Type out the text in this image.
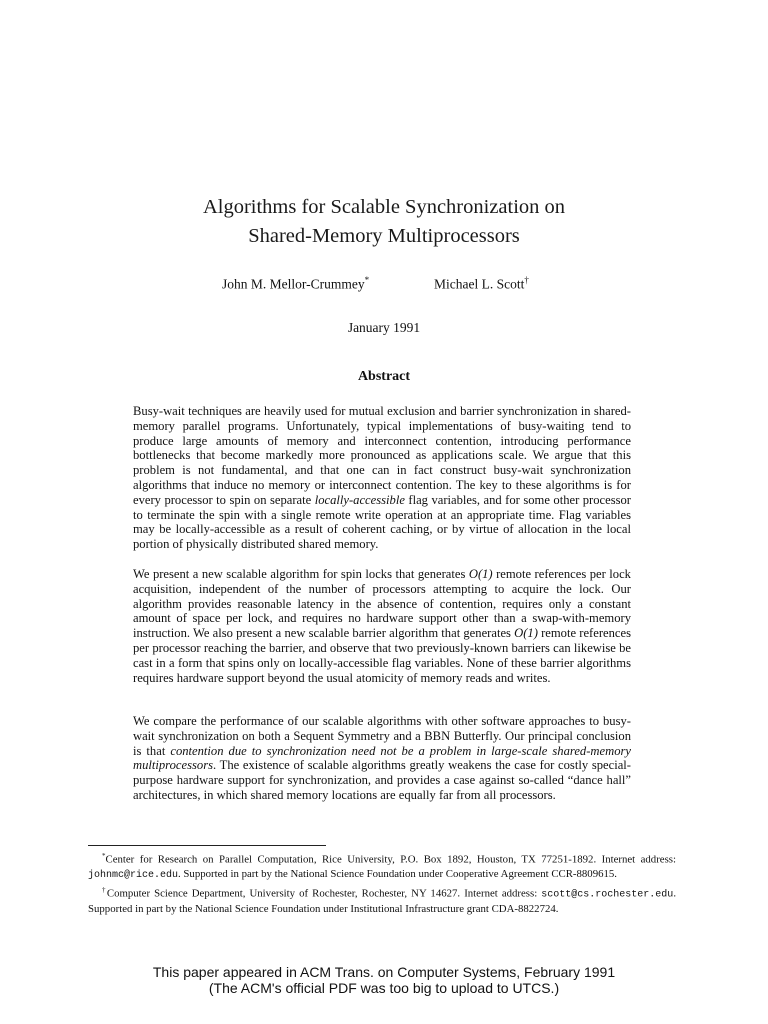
Algorithms for Scalable Synchronization on
Shared-Memory Multiprocessors
John M. Mellor-Crummey*	Michael L. Scott†
January 1991
Abstract

Busy-wait techniques are heavily used for mutual exclusion and barrier synchronization in shared-memory parallel programs. Unfortunately, typical implementations of busy-waiting tend to produce large amounts of memory and interconnect contention, introducing performance bottlenecks that become markedly more pronounced as applications scale. We argue that this problem is not fundamental, and that one can in fact construct busy-wait synchronization algorithms that induce no memory or interconnect contention. The key to these algorithms is for every processor to spin on separate locally-accessible flag variables, and for some other processor to terminate the spin with a single remote write operation at an appropriate time. Flag variables may be locally-accessible as a result of coherent caching, or by virtue of allocation in the local portion of physically distributed shared memory.

We present a new scalable algorithm for spin locks that generates O(1) remote references per lock acquisition, independent of the number of processors attempting to acquire the lock. Our algorithm provides reasonable latency in the absence of contention, requires only a constant amount of space per lock, and requires no hardware support other than a swap-with-memory instruction. We also present a new scalable barrier algorithm that generates O(1) remote references per processor reaching the barrier, and observe that two previously-known barriers can likewise be cast in a form that spins only on locally-accessible flag variables. None of these barrier algorithms requires hardware support beyond the usual atomicity of memory reads and writes.

We compare the performance of our scalable algorithms with other software approaches to busy-wait synchronization on both a Sequent Symmetry and a BBN Butterfly. Our principal conclusion is that contention due to synchronization need not be a problem in large-scale shared-memory multiprocessors. The existence of scalable algorithms greatly weakens the case for costly special-purpose hardware support for synchronization, and provides a case against so-called “dance hall” architectures, in which shared memory locations are equally far from all processors.

*Center for Research on Parallel Computation, Rice University, P.O. Box 1892, Houston, TX 77251-1892. Internet address: johnmc@rice.edu. Supported in part by the National Science Foundation under Cooperative Agreement CCR-8809615.

†Computer Science Department, University of Rochester, Rochester, NY 14627. Internet address: scott@cs.rochester.edu. Supported in part by the National Science Foundation under Institutional Infrastructure grant CDA-8822724.

This paper appeared in ACM Trans. on Computer Systems, February 1991
(The ACM's official PDF was too big to upload to UTCS.)
